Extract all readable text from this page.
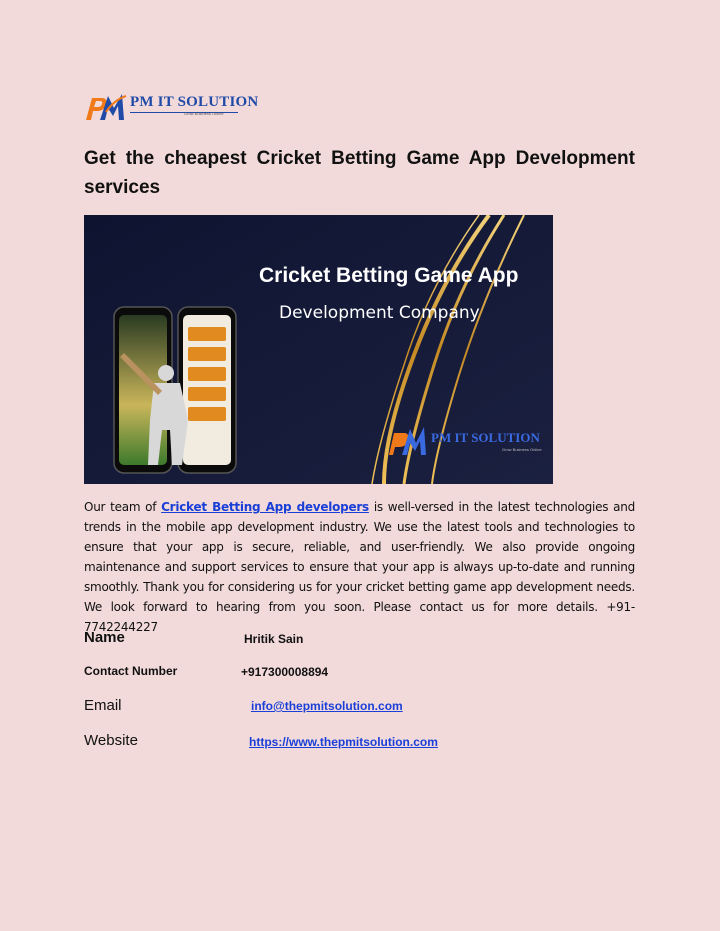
PM IT SOLUTION
Grow Business Online
Get the cheapest Cricket Betting Game App Development
services
Cricket Betting Game App
Development Company
PM IT SOLUTION
Grow Business Online

Our team of Cricket Betting App developers is well-versed in the latest technologies and trends in the mobile app development industry. We use the latest tools and technologies to ensure that your app is secure, reliable, and user-friendly. We also provide ongoing maintenance and support services to ensure that your app is always up-to-date and running smoothly. Thank you for considering us for your cricket betting game app development needs. We look forward to hearing from you soon. Please contact us for more details. +91-7742244227

Name	Hritik Sain
Contact Number	+917300008894
Email	info@thepmitsolution.com
Website	https://www.thepmitsolution.com
